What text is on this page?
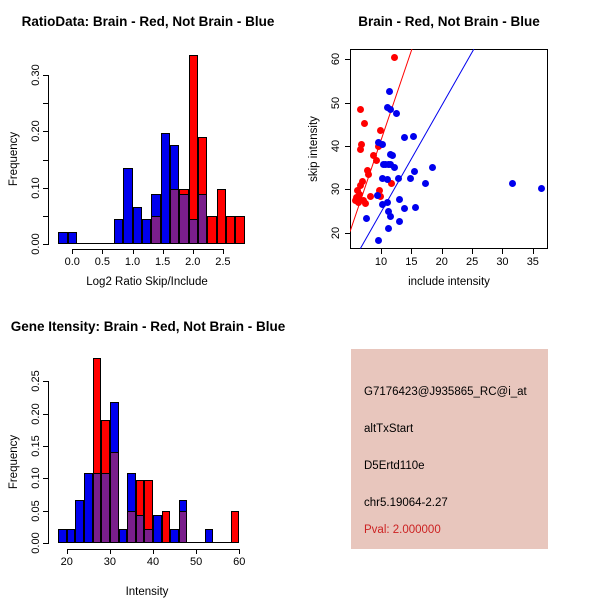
RatioData: Brain - Red, Not Brain - Blue
Log2 Ratio Skip/Include
Frequency
0.0 0.5 1.0 1.5 2.0 2.5
0.00
0.10
0.20
0.30
Brain - Red, Not Brain - Blue
include intensity
skip intensity
10 15 20 25 30 35
20
30
40
50
60
Gene Itensity: Brain - Red, Not Brain - Blue
Intensity
Frequency
20	30	40	50	60
0.00
0.05
0.10
0.15
0.20
0.25
G7176423@J935865_RC@i_at
altTxStart
D5Ertd110e
chr5.19064-2.27
Pval: 2.000000
